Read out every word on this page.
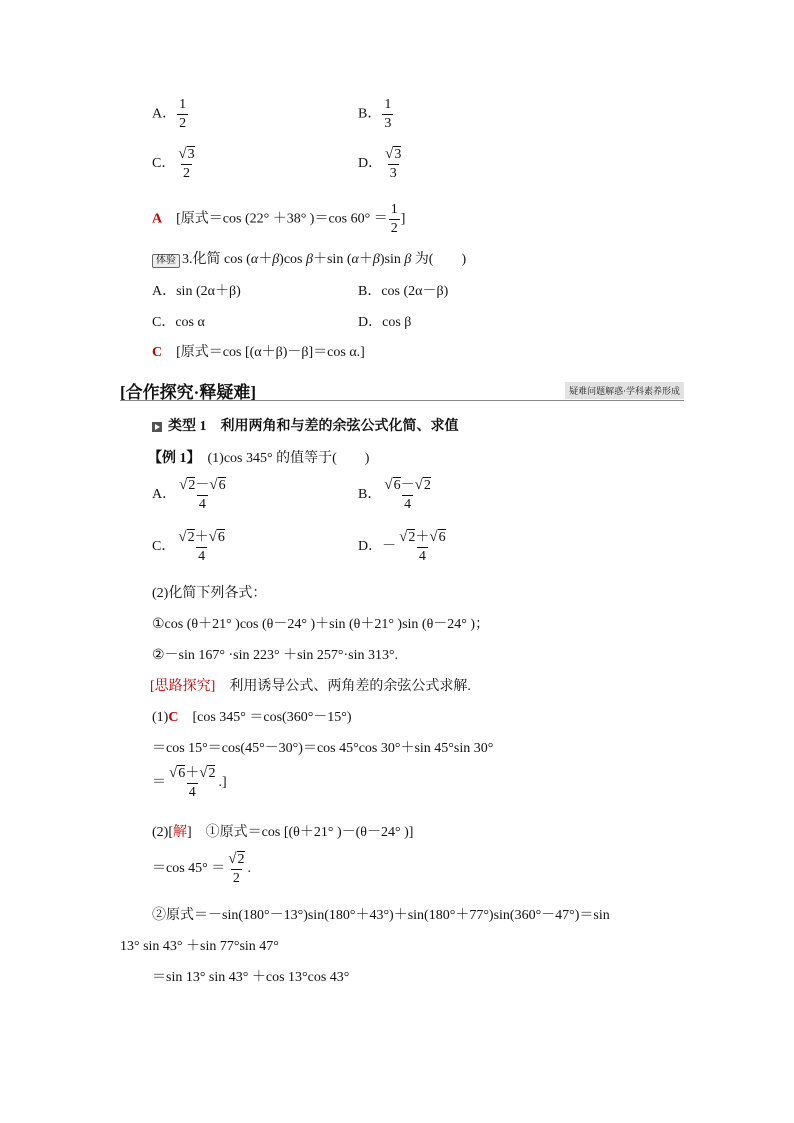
A． $\frac{1}{2}$	B． $\frac{1}{3}$
C． $\frac{√3}{2}$	D． $\frac{√3}{3}$
A　 [原式＝cos (22° ＋38° )＝cos $60^\circ = \frac{1}{2}$ ]
体验 3.化简 cos (α＋β)cos β＋sin (α＋β)sin β 为(　　)
A．sin (2α＋β)	B．cos (2α－β)
C．cos α	D．cos β
C　 [原式＝cos [(α＋β)－β]＝cos α.]
[合作探究·释疑难]	疑难问题解惑·学科素养形成
类型 1　利用两角和与差的余弦公式化简、求值
【例 1】　 (1)cos 345° 的值等于(　　)
A． $\frac{√2-√6}{4}$	B． $\frac{√6-√2}{4}$
C． $\frac{√2+√6}{4}$	D．－ $\frac{√2+√6}{4}$
(2)化简下列各式：
①cos (θ＋21° )cos (θ－24° )＋sin (θ＋21° )sin (θ－24° )；
②－sin 167° ·sin 223° ＋sin 257°·sin 313°.
[思路探究]　利用诱导公式、两角差的余弦公式求解.
(1)C　[cos 345° ＝cos(360°－15°)
＝cos 15°＝cos(45°－30°)＝cos 45°cos 30°＋sin 45°sin 30°
＝ $\frac{√6+√2}{4}$ .]
(2)[解]　①原式＝cos [(θ＋21° )－(θ－24° )]
＝cos $45^\circ = \frac{√2}{2}$ .
②原式＝－sin(180°－13°)sin(180°＋43°)＋sin(180°＋77°)sin(360°－47°)＝sin
13° sin 43° ＋sin 77°sin 47°
＝sin 13° sin 43° ＋cos 13°cos 43°
